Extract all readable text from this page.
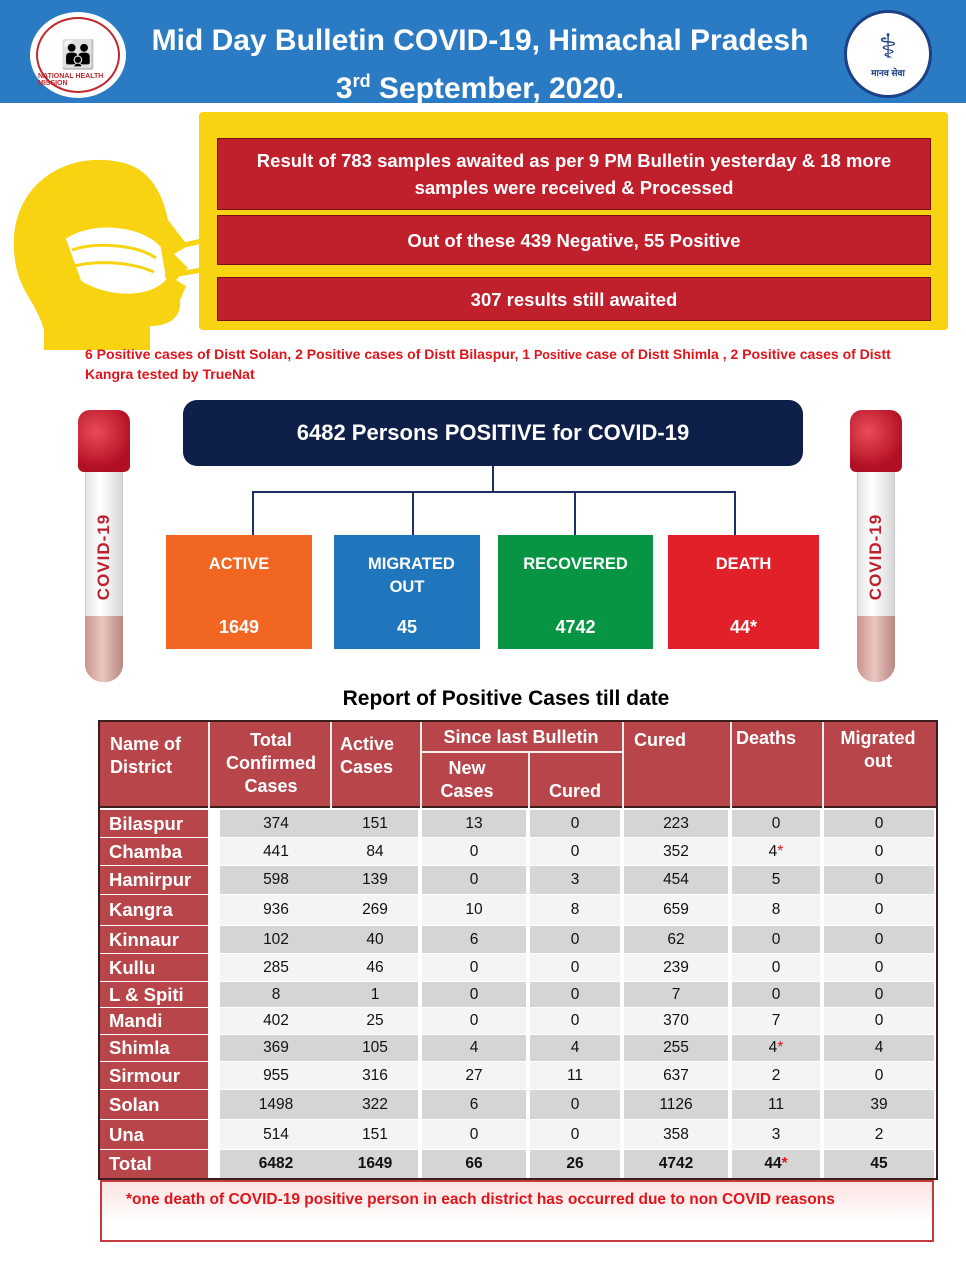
👪
NATIONAL HEALTH MISSION
⚕
मानव सेवा
Mid Day Bulletin COVID-19, Himachal Pradesh
3rd September, 2020.
Result of 783 samples awaited as per 9 PM Bulletin yesterday & 18 more samples were received & Processed
Out of these 439 Negative, 55 Positive
307 results still awaited
6 Positive cases of Distt Solan, 2 Positive cases of Distt Bilaspur, 1 Positive case of Distt Shimla , 2 Positive cases of Distt Kangra tested by TrueNat
COVID-19	COVID-19
6482 Persons POSITIVE for COVID-19
ACTIVE
1649
MIGRATED OUT
45
RECOVERED
4742
DEATH
44*
Report of Positive Cases till date
Name of District
Total Confirmed Cases
Active Cases
Since last Bulletin
New Cases	Cured
Cured	Deaths	Migrated out
Bilaspur	374	151	13	0	223	0	0
Chamba	441	84	0	0	352	4*	0
Hamirpur	598	139	0	3	454	5	0
Kangra	936	269	10	8	659	8	0
Kinnaur	102	40	6	0	62	0	0
Kullu	285	46	0	0	239	0	0
L & Spiti	8	1	0	0	7	0	0
Mandi	402	25	0	0	370	7	0
Shimla	369	105	4	4	255	4*	4
Sirmour	955	316	27	11	637	2	0
Solan	1498	322	6	0	1126	11	39
Una	514	151	0	0	358	3	2
Total	6482	1649	66	26	4742	44*	45
*one death of COVID-19 positive person in each district has occurred due to non COVID reasons
